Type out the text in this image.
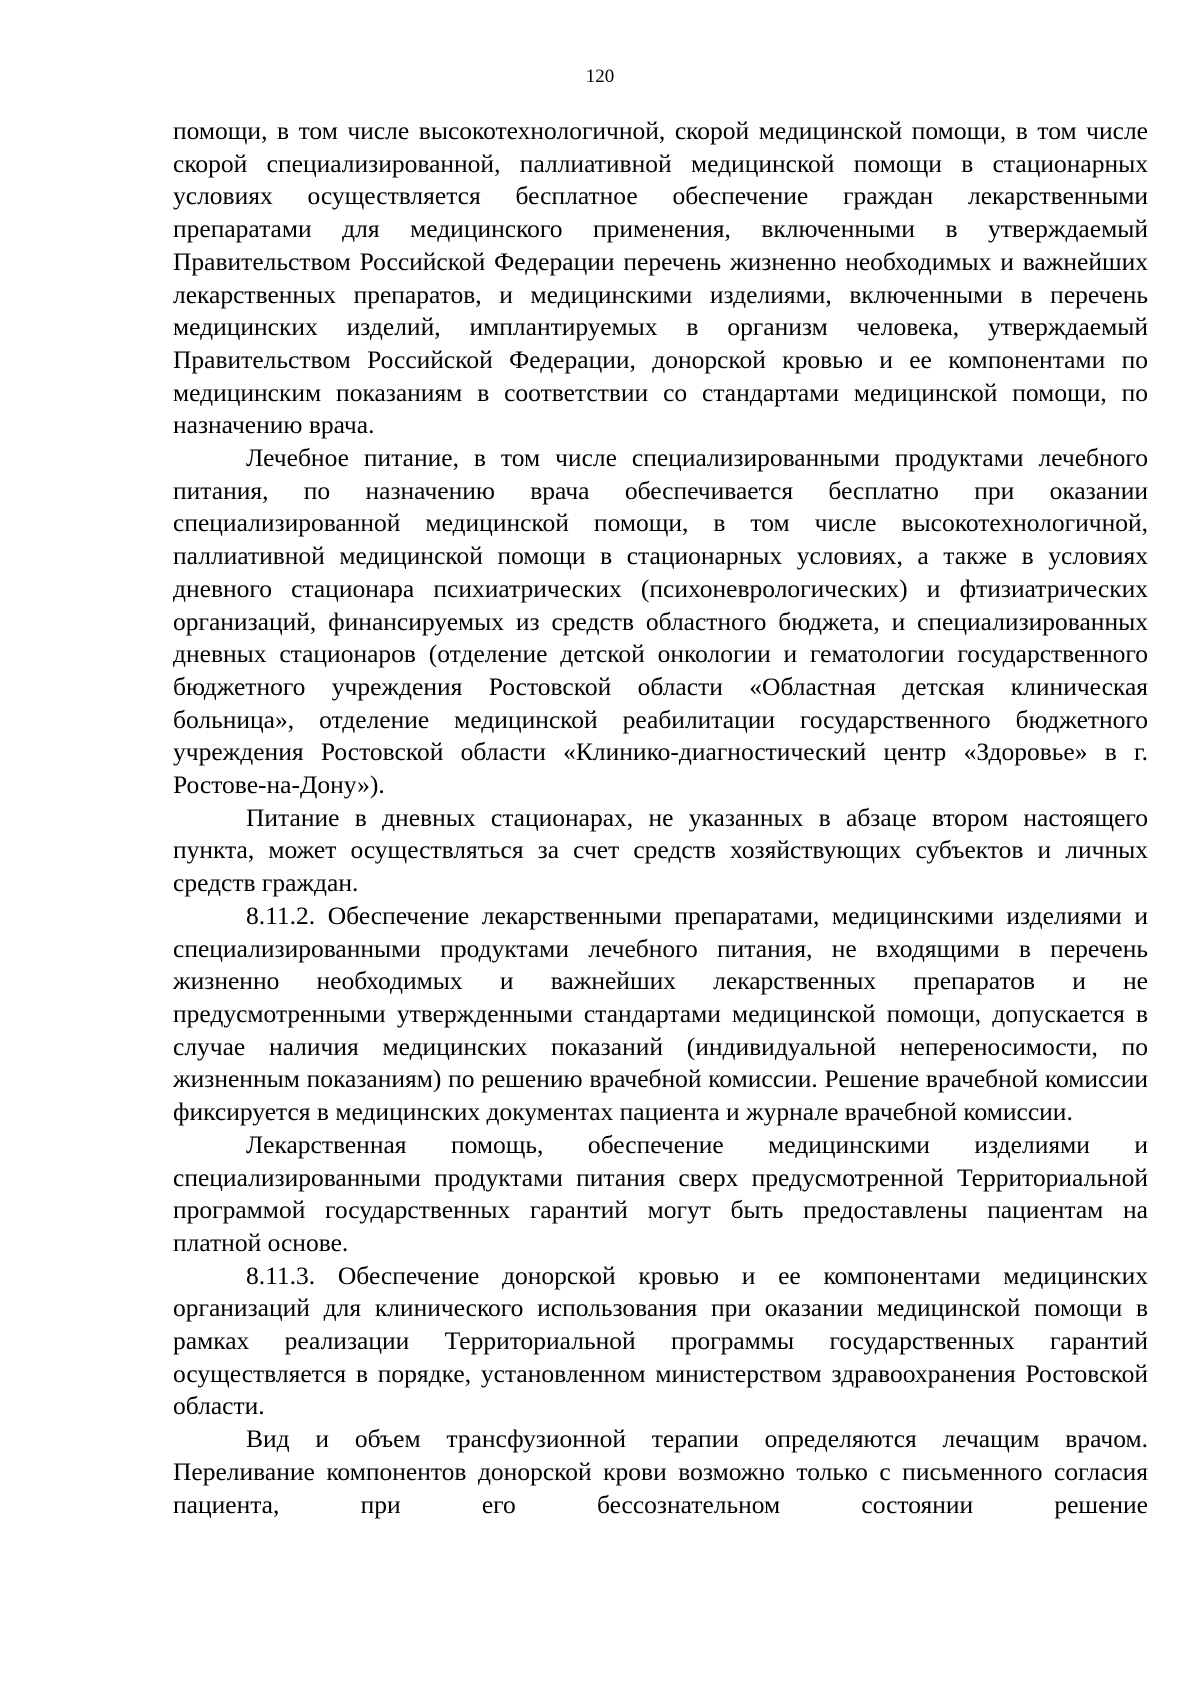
120

помощи, в том числе высокотехнологичной, скорой медицинской помощи, в том числе скорой специализированной, паллиативной медицинской помощи в стационарных условиях осуществляется бесплатное обеспечение граждан лекарственными препаратами для медицинского применения, включенными в утверждаемый Правительством Российской Федерации перечень жизненно необходимых и важнейших лекарственных препаратов, и медицинскими изделиями, включенными в перечень медицинских изделий, имплантируемых в организм человека, утверждаемый Правительством Российской Федерации, донорской кровью и ее компонентами по медицинским показаниям в соответствии со стандартами медицинской помощи, по назначению врача.

Лечебное питание, в том числе специализированными продуктами лечебного питания, по назначению врача обеспечивается бесплатно при оказании специализированной медицинской помощи, в том числе высокотехнологичной, паллиативной медицинской помощи в стационарных условиях, а также в условиях дневного стационара психиатрических (психоневрологических) и фтизиатрических организаций, финансируемых из средств областного бюджета, и специализированных дневных стационаров (отделение детской онкологии и гематологии государственного бюджетного учреждения Ростовской области «Областная детская клиническая больница», отделение медицинской реабилитации государственного бюджетного учреждения Ростовской области «Клинико-диагностический центр «Здоровье» в г. Ростове-на-Дону»).

Питание в дневных стационарах, не указанных в абзаце втором настоящего пункта, может осуществляться за счет средств хозяйствующих субъектов и личных средств граждан.

8.11.2. Обеспечение лекарственными препаратами, медицинскими изделиями и специализированными продуктами лечебного питания, не входящими в перечень жизненно необходимых и важнейших лекарственных препаратов и не предусмотренными утвержденными стандартами медицинской помощи, допускается в случае наличия медицинских показаний (индивидуальной непереносимости, по жизненным показаниям) по решению врачебной комиссии. Решение врачебной комиссии фиксируется в медицинских документах пациента и журнале врачебной комиссии.

Лекарственная помощь, обеспечение медицинскими изделиями и специализированными продуктами питания сверх предусмотренной Территориальной программой государственных гарантий могут быть предоставлены пациентам на платной основе.

8.11.3. Обеспечение донорской кровью и ее компонентами медицинских организаций для клинического использования при оказании медицинской помощи в рамках реализации Территориальной программы государственных гарантий осуществляется в порядке, установленном министерством здравоохранения Ростовской области.

Вид и объем трансфузионной терапии определяются лечащим врачом. Переливание компонентов донорской крови возможно только с письменного согласия пациента, при его бессознательном состоянии решение
